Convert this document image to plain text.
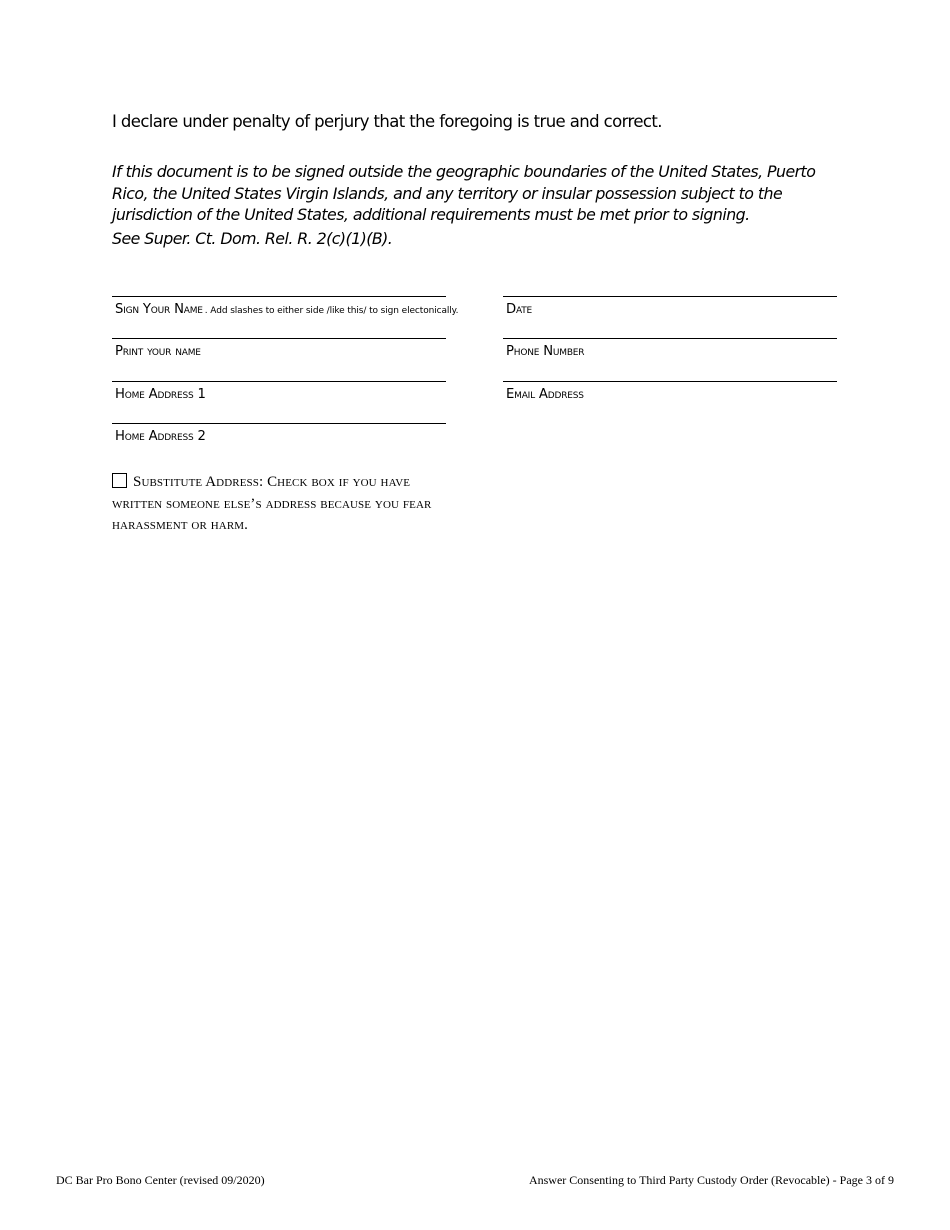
I declare under penalty of perjury that the foregoing is true and correct.
If this document is to be signed outside the geographic boundaries of the United States, Puerto Rico, the United States Virgin Islands, and any territory or insular possession subject to the jurisdiction of the United States, additional requirements must be met prior to signing.
See Super. Ct. Dom. Rel. R. 2(c)(1)(B).
Sign Your Name . Add slashes to either side /like this/ to sign electonically.	Date
Print your name	Phone Number
Home Address 1	Email Address
Home Address 2
Substitute Address: Check box if you have written someone else’s address because you fear harassment or harm.
DC Bar Pro Bono Center (revised 09/2020)	Answer Consenting to Third Party Custody Order (Revocable) - Page 3 of 9
